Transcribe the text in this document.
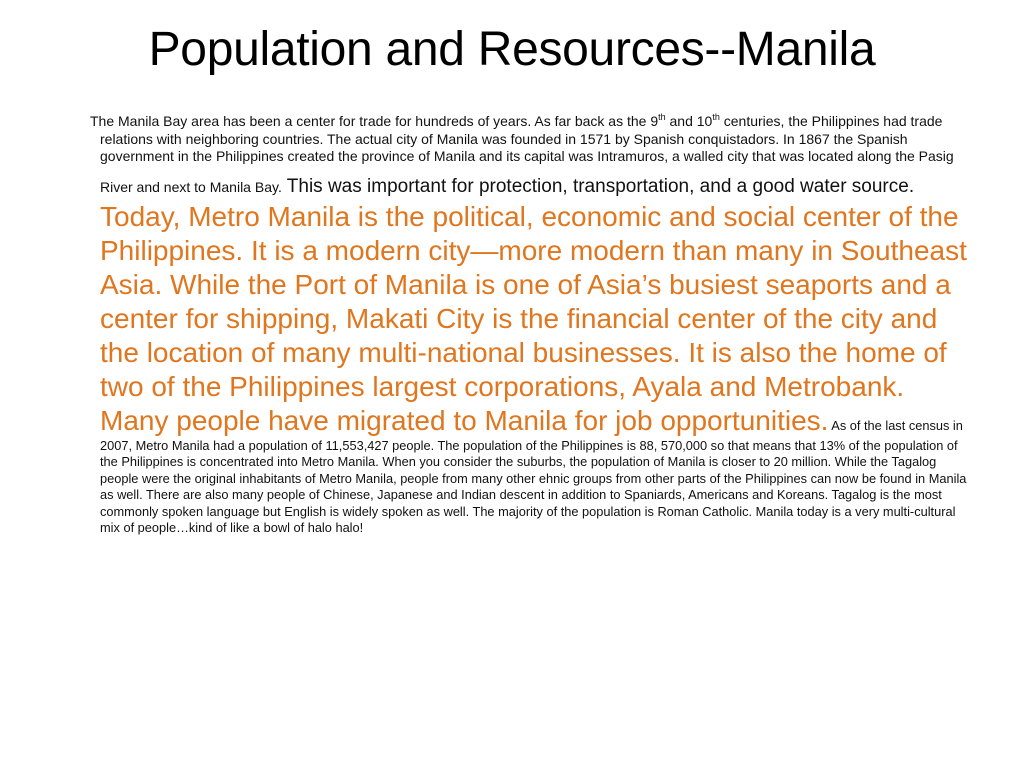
Population and Resources--Manila

The Manila Bay area has been a center for trade for hundreds of years. As far back as the 9th and 10th centuries, the Philippines had trade relations with neighboring countries. The actual city of Manila was founded in 1571 by Spanish conquistadors. In 1867 the Spanish government in the Philippines created the province of Manila and its capital was Intramuros, a walled city that was located along the Pasig River and next to Manila Bay. This was important for protection, transportation, and a good water source. Today, Metro Manila is the political, economic and social center of the Philippines. It is a modern city—more modern than many in Southeast Asia. While the Port of Manila is one of Asia’s busiest seaports and a center for shipping, Makati City is the financial center of the city and the location of many multi-national businesses. It is also the home of two of the Philippines largest corporations, Ayala and Metrobank. Many people have migrated to Manila for job opportunities. As of the last census in 2007, Metro Manila had a population of 11,553,427 people. The population of the Philippines is 88, 570,000 so that means that 13% of the population of the Philippines is concentrated into Metro Manila. When you consider the suburbs, the population of Manila is closer to 20 million. While the Tagalog people were the original inhabitants of Metro Manila, people from many other ehnic groups from other parts of the Philippines can now be found in Manila as well. There are also many people of Chinese, Japanese and Indian descent in addition to Spaniards, Americans and Koreans. Tagalog is the most commonly spoken language but English is widely spoken as well. The majority of the population is Roman Catholic. Manila today is a very multi-cultural mix of people…kind of like a bowl of halo halo!
